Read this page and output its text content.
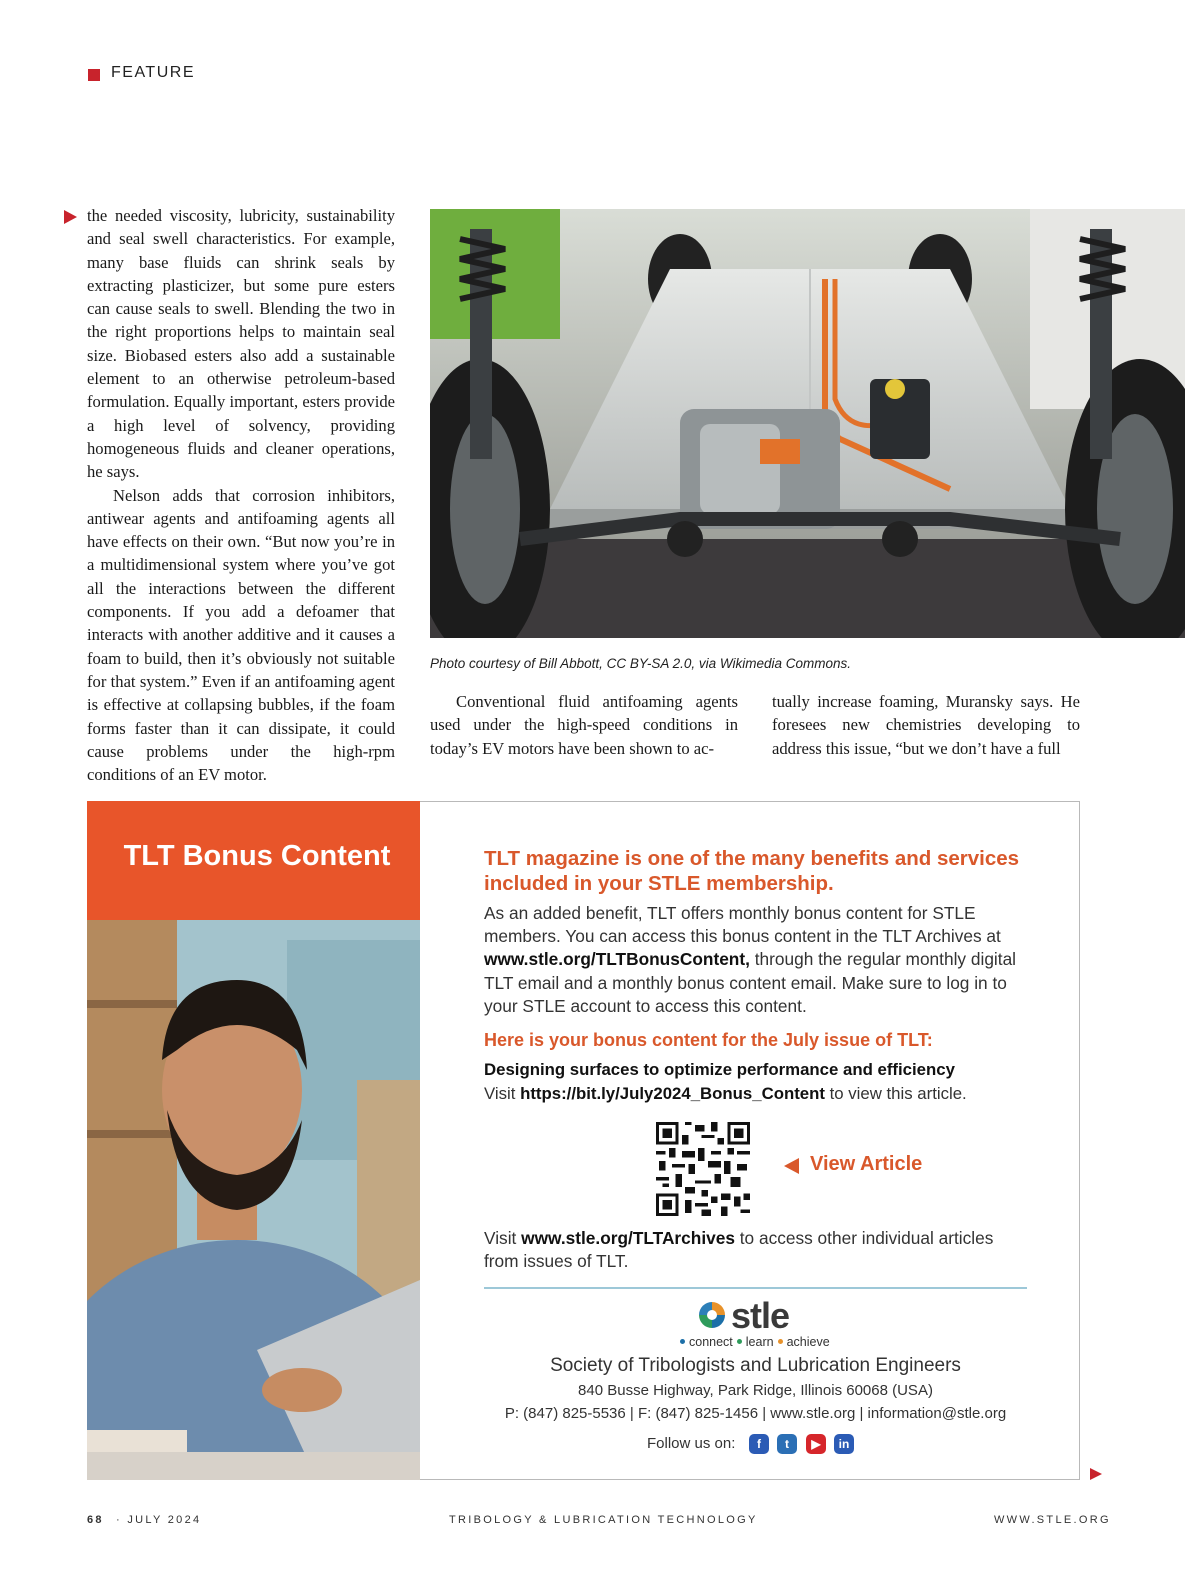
FEATURE

the needed viscosity, lubricity, sustainability and seal swell characteristics. For example, many base fluids can shrink seals by extracting plasticizer, but some pure esters can cause seals to swell. Blending the two in the right proportions helps to maintain seal size. Biobased esters also add a sustainable element to an otherwise petroleum-based formulation. Equally important, esters provide a high level of solvency, providing homogeneous fluids and cleaner operations, he says.

Nelson adds that corrosion inhibitors, antiwear agents and antifoaming agents all have effects on their own. “But now you’re in a multidimensional system where you’ve got all the interactions between the different components. If you add a defoamer that interacts with another additive and it causes a foam to build, then it’s obviously not suitable for that system.” Even if an antifoaming agent is effective at collapsing bubbles, if the foam forms faster than it can dissipate, it could cause problems under the high-rpm conditions of an EV motor.

Photo courtesy of Bill Abbott, CC BY-SA 2.0, via Wikimedia Commons.

Conventional fluid antifoaming agents used under the high-speed conditions in today’s EV motors have been shown to ac-

tually increase foaming, Muransky says. He foresees new chemistries developing to address this issue, “but we don’t have a full

TLT Bonus Content	TLT magazine is one of the many benefits and services included in your STLE membership.
As an added benefit, TLT offers monthly bonus content for STLE members. You can access this bonus content in the TLT Archives at www.stle.org/TLTBonusContent, through the regular monthly digital TLT email and a monthly bonus content email. Make sure to log in to your STLE account to access this content.
Here is your bonus content for the July issue of TLT:
Designing surfaces to optimize performance and efficiency
Visit https://bit.ly/July2024_Bonus_Content to view this article.
View Article
Visit www.stle.org/TLTArchives to access other individual articles from issues of TLT.
stle
connect learn achieve
Society of Tribologists and Lubrication Engineers
840 Busse Highway, Park Ridge, Illinois 60068 (USA)
P: (847) 825-5536 | F: (847) 825-1456 | www.stle.org | information@stle.org
Follow us on:	f	t	▶	in
68 · JULY 2024	TRIBOLOGY & LUBRICATION TECHNOLOGY	WWW.STLE.ORG
